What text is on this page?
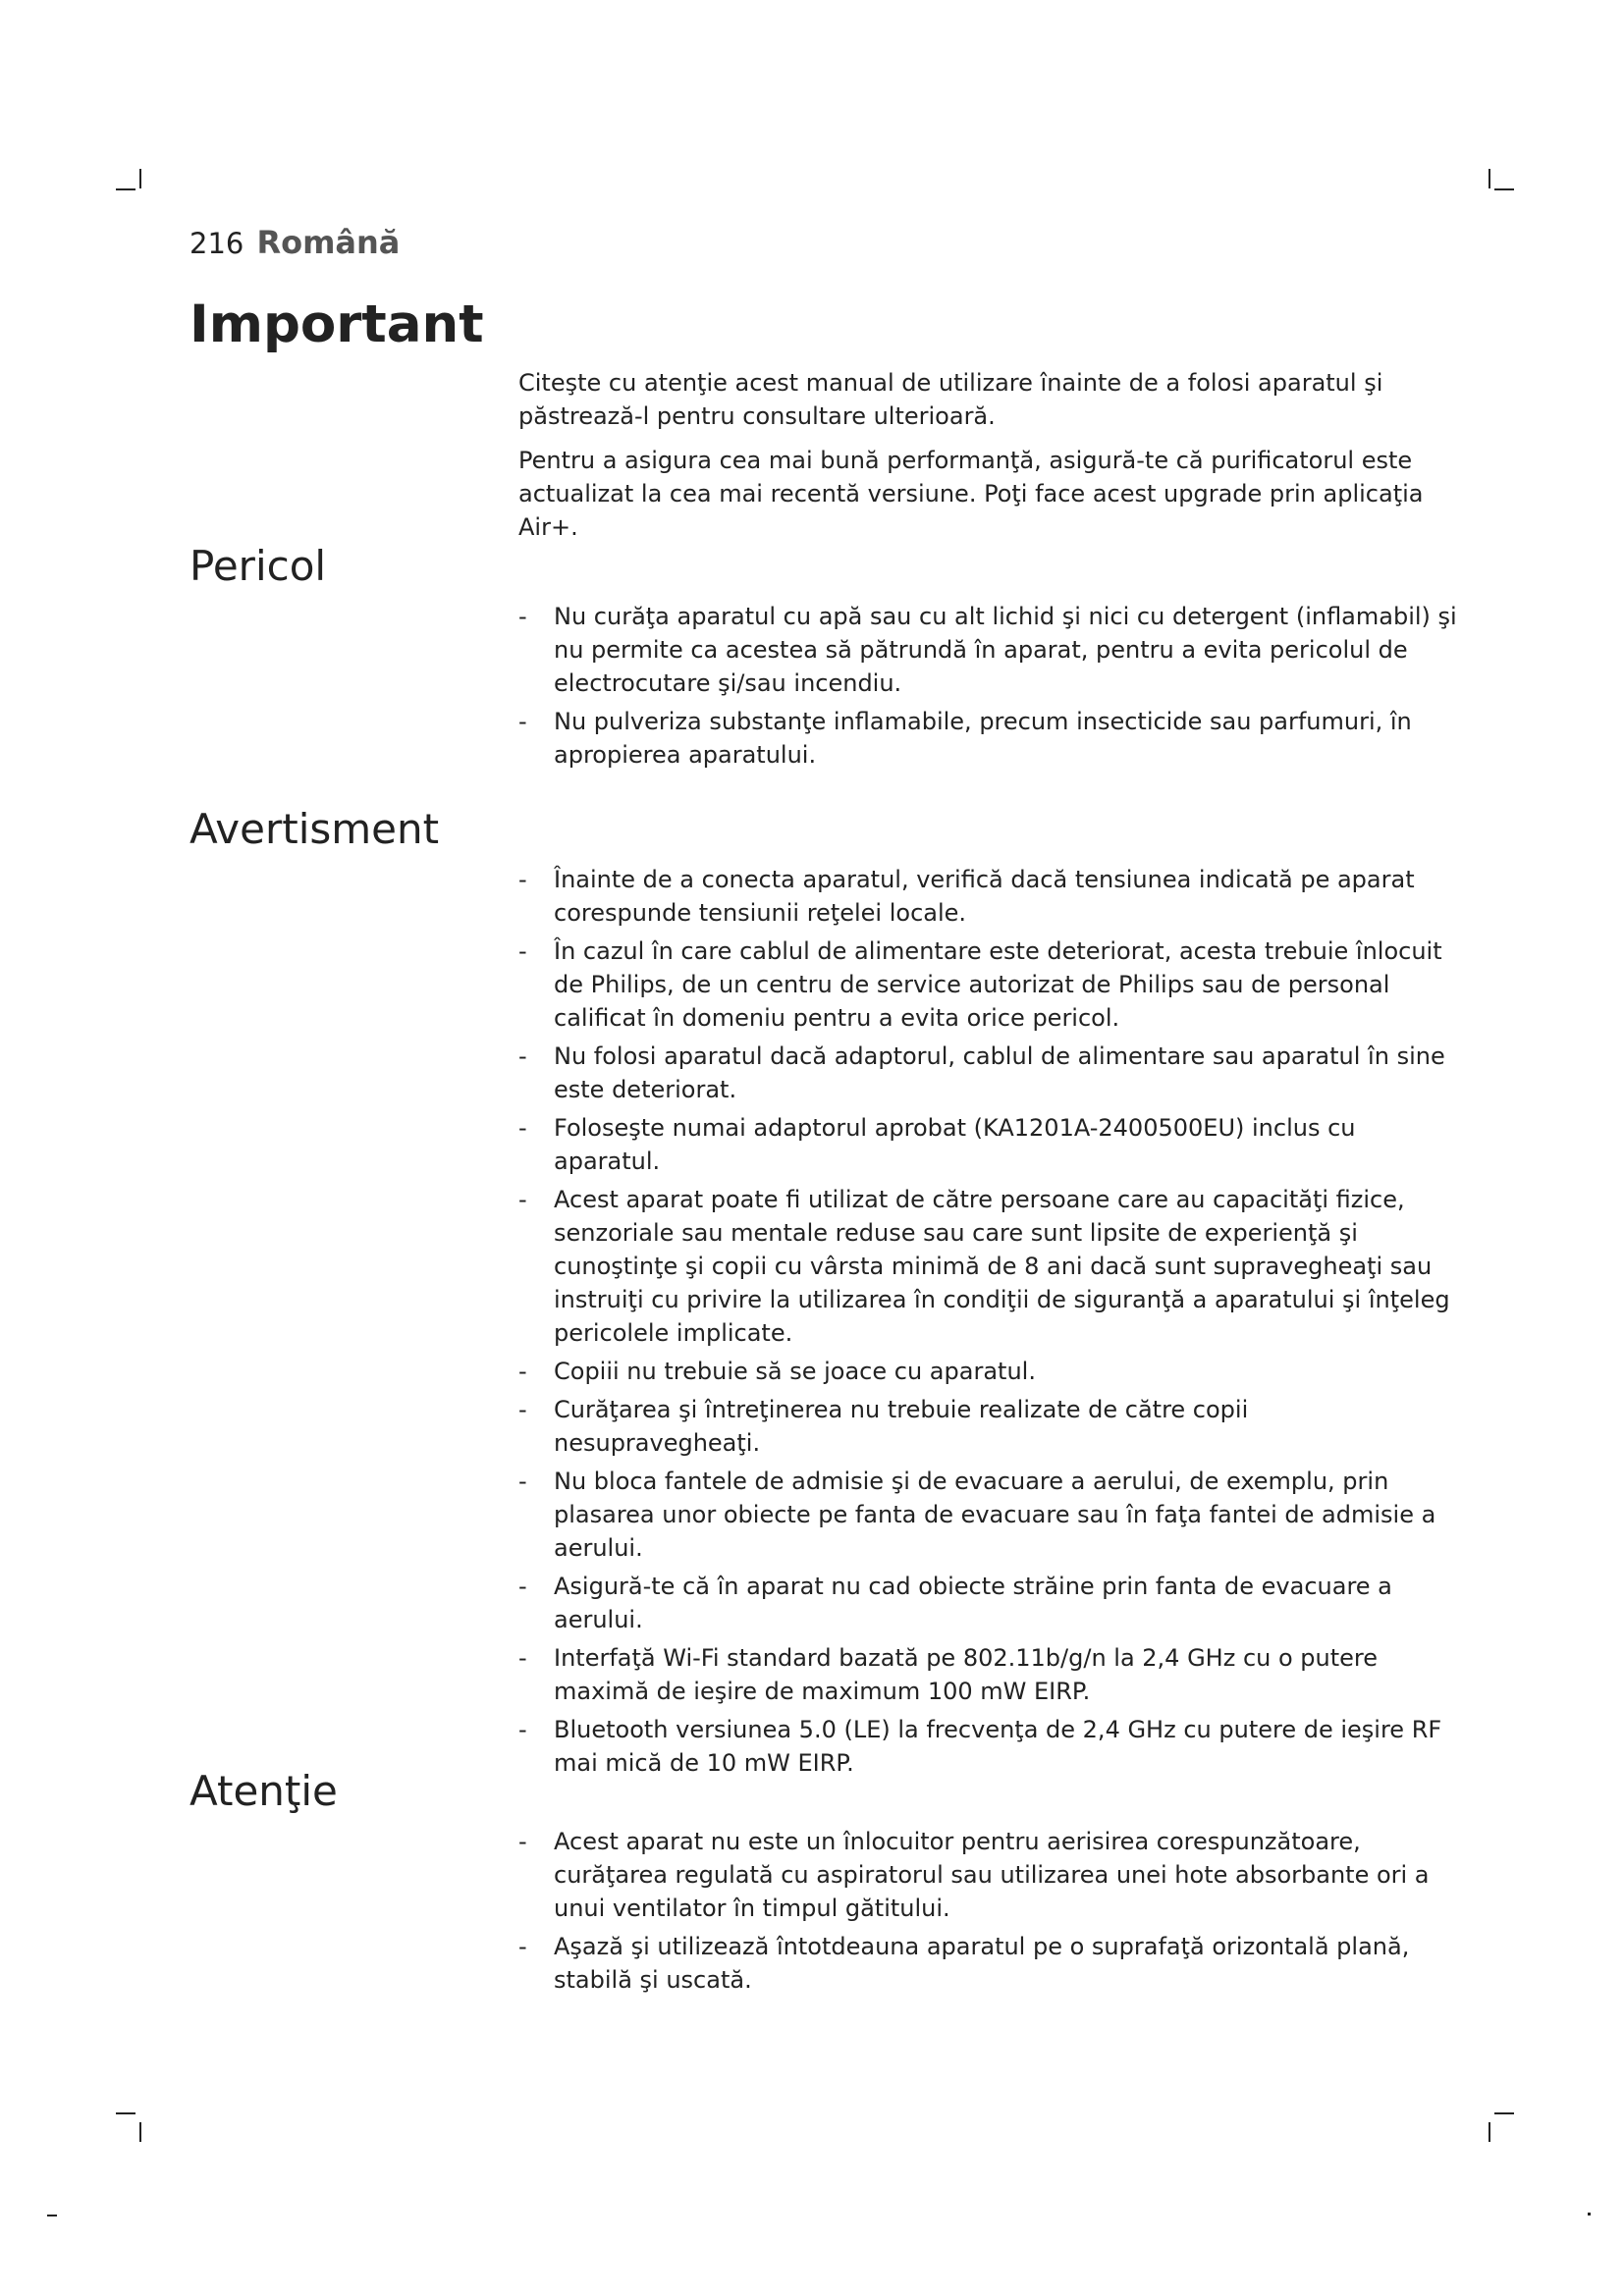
216 Română
Important

Citeşte cu atenţie acest manual de utilizare înainte de a folosi aparatul şi păstrează-l pentru consultare ulterioară.

Pentru a asigura cea mai bună performanţă, asigură-te că purificatorul este actualizat la cea mai recentă versiune. Poţi face acest upgrade prin aplicaţia Air+.

Pericol
- Nu curăţa aparatul cu apă sau cu alt lichid şi nici cu detergent (inflamabil) şi nu permite ca acestea să pătrundă în aparat, pentru a evita pericolul de electrocutare şi/sau incendiu.
- Nu pulveriza substanţe inflamabile, precum insecticide sau parfumuri, în apropierea aparatului.
Avertisment
- Înainte de a conecta aparatul, verifică dacă tensiunea indicată pe aparat corespunde tensiunii reţelei locale.
- În cazul în care cablul de alimentare este deteriorat, acesta trebuie înlocuit de Philips, de un centru de service autorizat de Philips sau de personal calificat în domeniu pentru a evita orice pericol.
- Nu folosi aparatul dacă adaptorul, cablul de alimentare sau aparatul în sine este deteriorat.
- Foloseşte numai adaptorul aprobat (KA1201A-2400500EU) inclus cu aparatul.
- Acest aparat poate fi utilizat de către persoane care au capacităţi fizice, senzoriale sau mentale reduse sau care sunt lipsite de experienţă şi cunoştinţe şi copii cu vârsta minimă de 8 ani dacă sunt supravegheaţi sau instruiţi cu privire la utilizarea în condiţii de siguranţă a aparatului şi înţeleg pericolele implicate.
- Copiii nu trebuie să se joace cu aparatul.
- Curăţarea şi întreţinerea nu trebuie realizate de către copii nesupravegheaţi.
- Nu bloca fantele de admisie şi de evacuare a aerului, de exemplu, prin plasarea unor obiecte pe fanta de evacuare sau în faţa fantei de admisie a aerului.
- Asigură-te că în aparat nu cad obiecte străine prin fanta de evacuare a aerului.
- Interfaţă Wi-Fi standard bazată pe 802.11b/g/n la 2,4 GHz cu o putere maximă de ieşire de maximum 100 mW EIRP.
- Bluetooth versiunea 5.0 (LE) la frecvenţa de 2,4 GHz cu putere de ieşire RF mai mică de 10 mW EIRP.
Atenţie
- Acest aparat nu este un înlocuitor pentru aerisirea corespunzătoare, curăţarea regulată cu aspiratorul sau utilizarea unei hote absorbante ori a unui ventilator în timpul gătitului.
- Aşază şi utilizează întotdeauna aparatul pe o suprafaţă orizontală plană, stabilă şi uscată.
